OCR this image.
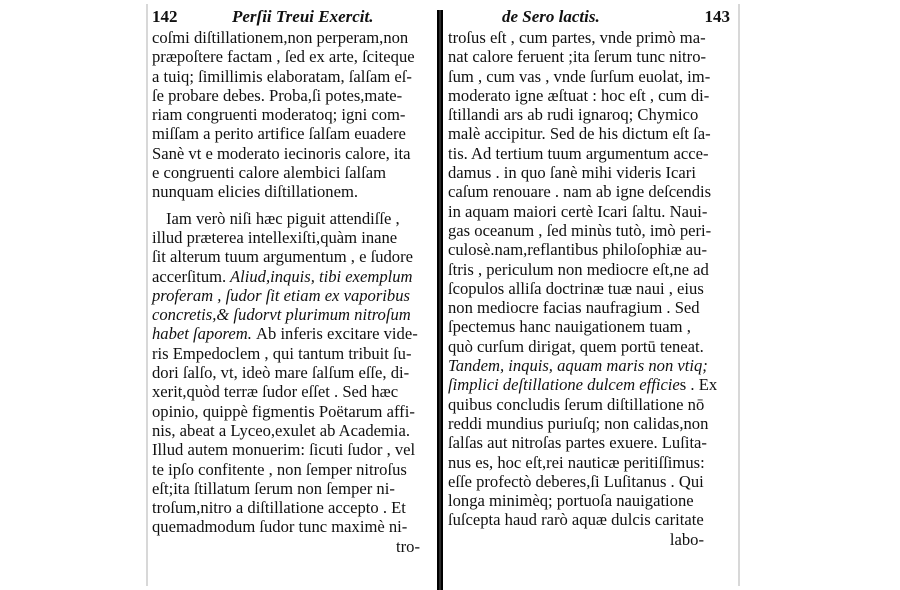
142	Perſii Treui Exercit.
coſmi diſtillationem,non perperam,non
præpoſtere factam , ſed ex arte, ſciteque
a tuiq; ſimillimis elaboratam, ſalſam eſ-
ſe probare debes. Proba,ſi potes,mate-
riam congruenti moderatoq; igni com-
miſſam a perito artifice ſalſam euadere
Sanè vt e moderato iecinoris calore, ita
e congruenti calore alembici ſalſam
nunquam elicies diſtillationem.
Iam verò niſi hæc piguit attendiſſe ,
illud præterea intellexiſti,quàm inane
ſit alterum tuum argumentum , e ſudore
accerſitum. Aliud,inquis, tibi exemplum
proferam , ſudor ſit etiam ex vaporibus
concretis,& ſudorvt plurimum nitroſum
habet ſaporem. Ab inferis excitare vide-
ris Empedoclem , qui tantum tribuit ſu-
dori ſalſo, vt, ideò mare ſalſum eſſe, di-
xerit,quòd terræ ſudor eſſet . Sed hæc
opinio, quippè figmentis Poëtarum affi-
nis, abeat a Lyceo,exulet ab Academia.
Illud autem monuerim: ſicuti ſudor , vel
te ipſo confitente , non ſemper nitroſus
eſt;ita ſtillatum ſerum non ſemper ni-
troſum,nitro a diſtillatione accepto . Et
quemadmodum ſudor tunc maximè ni-
tro-
de Sero lactis.	143
troſus eſt , cum partes, vnde primò ma-
nat calore feruent ;ita ſerum tunc nitro-
ſum , cum vas , vnde ſurſum euolat, im-
moderato igne æſtuat : hoc eſt , cum di-
ſtillandi ars ab rudi ignaroq; Chymico
malè accipitur. Sed de his dictum eſt ſa-
tis. Ad tertium tuum argumentum acce-
damus . in quo ſanè mihi videris Icari
caſum renouare . nam ab igne deſcendis
in aquam maiori certè Icari ſaltu. Naui-
gas oceanum , ſed minùs tutò, imò peri-
culosè.nam,reflantibus philoſophiæ au-
ſtris , periculum non mediocre eſt,ne ad
ſcopulos alliſa doctrinæ tuæ naui , eius
non mediocre facias naufragium . Sed
ſpectemus hanc nauigationem tuam ,
quò curſum dirigat, quem portū teneat.
Tandem, inquis, aquam maris non vtiq;
ſimplici deſtillatione dulcem efficies . Ex
quibus concludis ſerum diſtillatione nō
reddi mundius puriuſq; non calidas,non
ſalſas aut nitroſas partes exuere. Luſita-
nus es, hoc eſt,rei nauticæ peritiſſimus:
eſſe profectò deberes,ſi Luſitanus . Qui
longa minimèq; portuoſa nauigatione
ſuſcepta haud rarò aquæ dulcis caritate
labo-
